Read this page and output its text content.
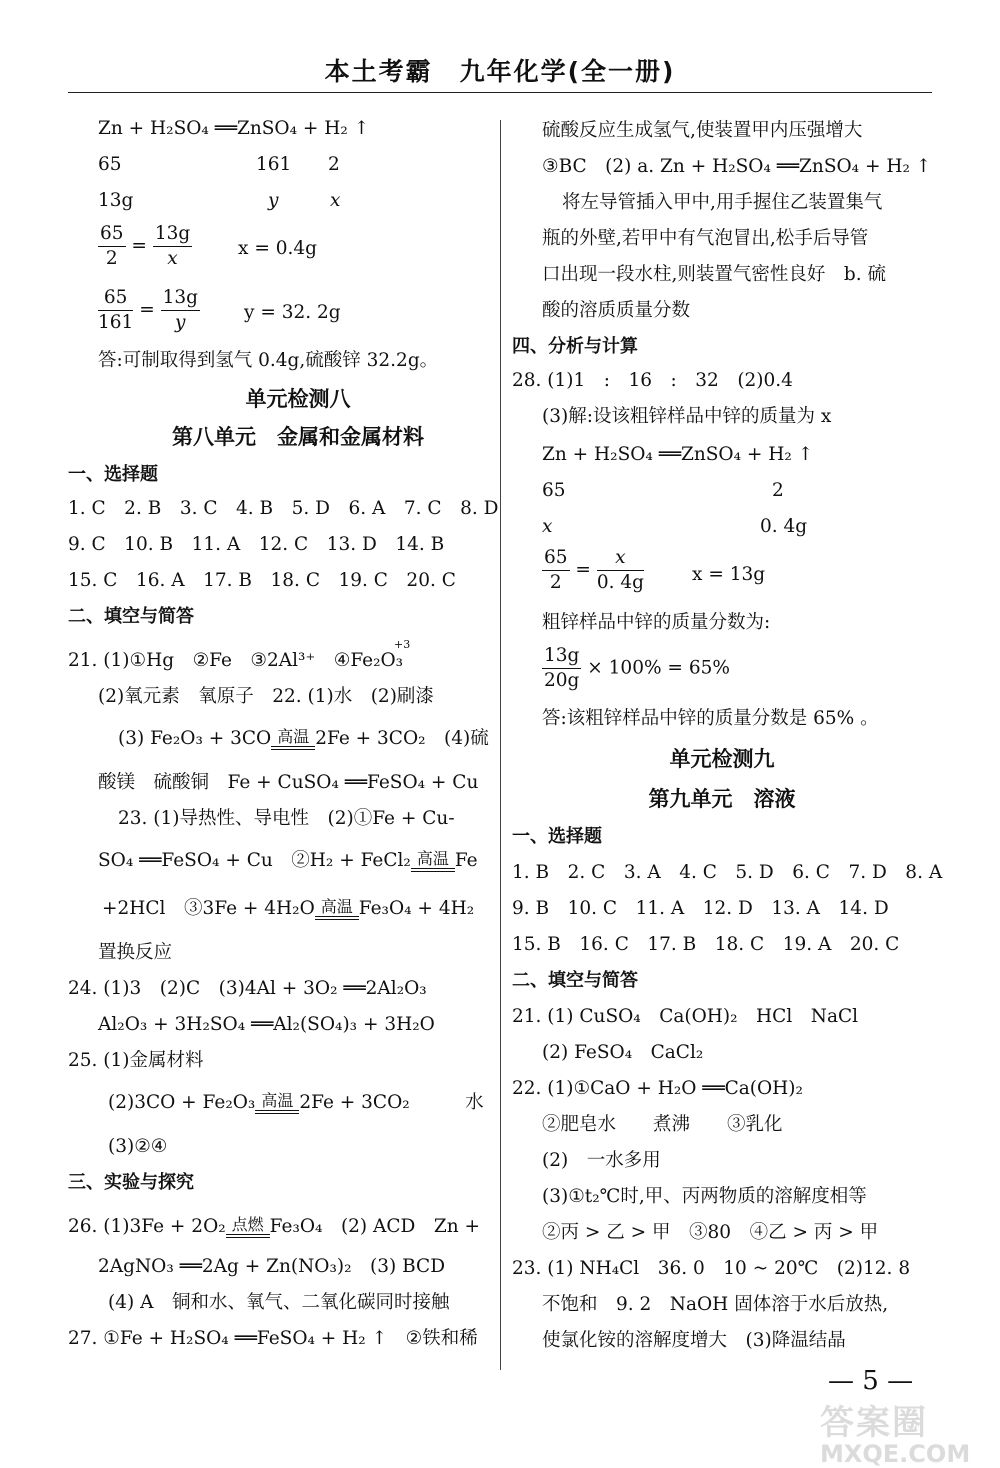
本土考霸　九年化学(全一册)
Zn + H₂SO₄ ══ZnSO₄ + H₂ ↑
65	161 2
13g	y	x
$\frac{65}{2} = \frac{13g}{x}$ x = 0.4g
$\frac{65}{161} = \frac{13g}{y}$ y = 32. 2g
答:可制取得到氢气 0.4g,硫酸锌 32.2g。
单元检测八
第八单元　金属和金属材料
一、选择题
1. C　2. B　3. C　4. B　5. D　6. A　7. C　8. D
9. C　10. B　11. A　12. C　13. D　14. B
15. C　16. A　17. B　18. C　19. C　20. C
二、填空与简答
21. (1)①Hg　②Fe　③2Al³⁺　④Fe₂O₃
+3
(2)氧元素　氧原子　22. (1)水　(2)刷漆
(3) Fe₂O₃ + 3CO 高温 2Fe + 3CO₂　(4)硫
酸镁　硫酸铜　Fe + CuSO₄ ══FeSO₄ + Cu
23. (1)导热性、导电性　(2)①Fe + Cu-
SO₄ ══FeSO₄ + Cu　②H₂ + FeCl₂ 高温 Fe
+2HCl　③3Fe + 4H₂O 高温 Fe₃O₄ + 4H₂
置换反应
24. (1)3　(2)C　(3)4Al + 3O₂ ══2Al₂O₃
Al₂O₃ + 3H₂SO₄ ══Al₂(SO₄)₃ + 3H₂O
25. (1)金属材料
(2)3CO + Fe₂O₃ 高温 2Fe + 3CO₂　　　水
(3)②④
三、实验与探究
26. (1)3Fe + 2O₂ 点燃 Fe₃O₄　(2) ACD　Zn +
2AgNO₃ ══2Ag + Zn(NO₃)₂　(3) BCD
(4) A　铜和水、氧气、二氧化碳同时接触
27. ①Fe + H₂SO₄ ══FeSO₄ + H₂ ↑　②铁和稀
硫酸反应生成氢气,使装置甲内压强增大
③BC　(2) a. Zn + H₂SO₄ ══ZnSO₄ + H₂ ↑
将左导管插入甲中,用手握住乙装置集气
瓶的外壁,若甲中有气泡冒出,松手后导管
口出现一段水柱,则装置气密性良好　b. 硫
酸的溶质质量分数
四、分析与计算
28. (1)1　:　16　:　32　(2)0.4
(3)解:设该粗锌样品中锌的质量为 x
Zn + H₂SO₄ ══ZnSO₄ + H₂ ↑
65	2
x	0. 4g
$\frac{65}{2} = \frac{x}{0. 4g}$	x = 13g
粗锌样品中锌的质量分数为:
$\frac{13g}{20g} \times 100\% = 65\%$
答:该粗锌样品中锌的质量分数是 65% 。
单元检测九
第九单元　溶液
一、选择题
1. B　2. C　3. A　4. C　5. D　6. C　7. D　8. A
9. B　10. C　11. A　12. D　13. A　14. D
15. B　16. C　17. B　18. C　19. A　20. C
二、填空与简答
21. (1) CuSO₄　Ca(OH)₂　HCl　NaCl
(2) FeSO₄　CaCl₂
22. (1)①CaO + H₂O ══Ca(OH)₂
②肥皂水　　煮沸　　③乳化
(2)　一水多用
(3)①t₂℃时,甲、丙两物质的溶解度相等
②丙 > 乙 > 甲　③80　④乙 > 丙 > 甲
23. (1) NH₄Cl　36. 0　10 ~ 20℃　(2)12. 8
不饱和　9. 2　NaOH 固体溶于水后放热,
使氯化铵的溶解度增大　(3)降温结晶
— 5 —
答案圈
MXQE.COM
